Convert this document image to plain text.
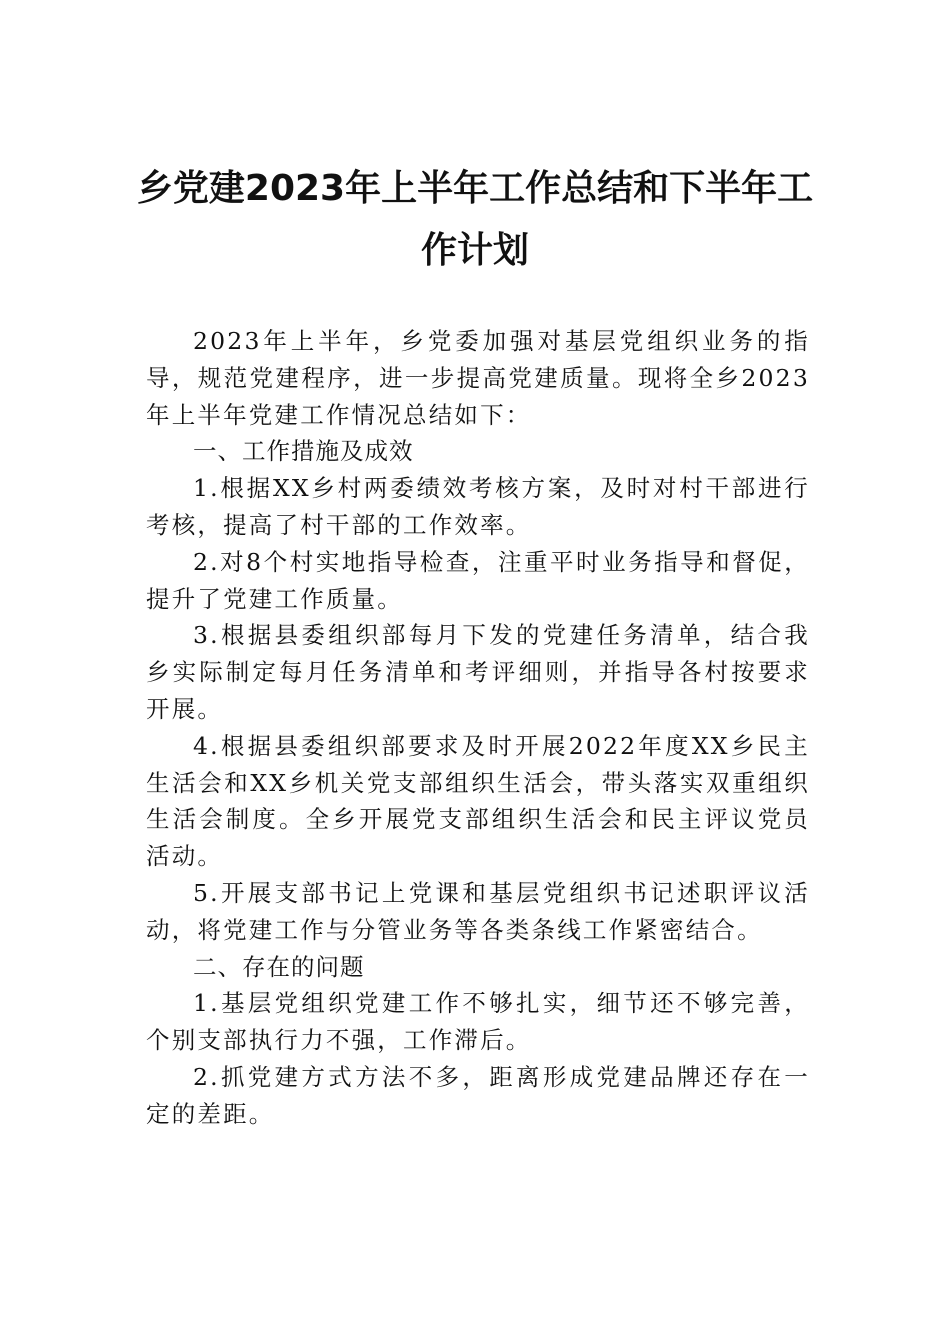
乡党建2023年上半年工作总结和下半年工
作计划

2023年上半年，乡党委加强对基层党组织业务的指导，规范党建程序，进一步提高党建质量。现将全乡2023年上半年党建工作情况总结如下：

一、工作措施及成效

1.根据XX乡村两委绩效考核方案，及时对村干部进行考核，提高了村干部的工作效率。

2.对8个村实地指导检查，注重平时业务指导和督促，提升了党建工作质量。

3.根据县委组织部每月下发的党建任务清单，结合我乡实际制定每月任务清单和考评细则，并指导各村按要求开展。

4.根据县委组织部要求及时开展2022年度XX乡民主生活会和XX乡机关党支部组织生活会，带头落实双重组织生活会制度。全乡开展党支部组织生活会和民主评议党员活动。

5.开展支部书记上党课和基层党组织书记述职评议活动，将党建工作与分管业务等各类条线工作紧密结合。

二、存在的问题

1.基层党组织党建工作不够扎实，细节还不够完善，个别支部执行力不强，工作滞后。

2.抓党建方式方法不多，距离形成党建品牌还存在一定的差距。
